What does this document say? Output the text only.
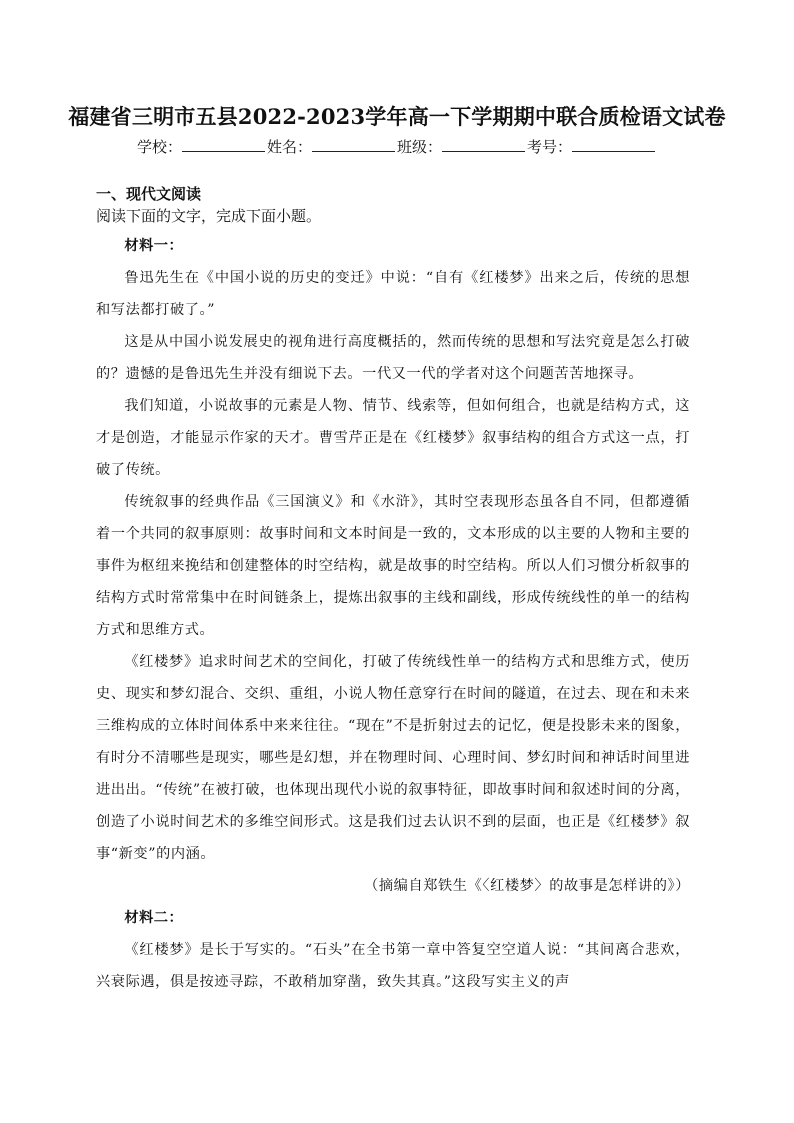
福建省三明市五县2022-2023学年高一下学期期中联合质检语文试卷
学校：	姓名：	班级：	考号：
一、现代文阅读
阅读下面的文字，完成下面小题。

材料一：

鲁迅先生在《中国小说的历史的变迁》中说：“自有《红楼梦》出来之后，传统的思想和写法都打破了。”

这是从中国小说发展史的视角进行高度概括的，然而传统的思想和写法究竟是怎么打破的？遗憾的是鲁迅先生并没有细说下去。一代又一代的学者对这个问题苦苦地探寻。

我们知道，小说故事的元素是人物、情节、线索等，但如何组合，也就是结构方式，这才是创造，才能显示作家的天才。曹雪芹正是在《红楼梦》叙事结构的组合方式这一点，打破了传统。

传统叙事的经典作品《三国演义》和《水浒》，其时空表现形态虽各自不同，但都遵循着一个共同的叙事原则：故事时间和文本时间是一致的，文本形成的以主要的人物和主要的事件为枢纽来挽结和创建整体的时空结构，就是故事的时空结构。所以人们习惯分析叙事的结构方式时常常集中在时间链条上，提炼出叙事的主线和副线，形成传统线性的单一的结构方式和思维方式。

《红楼梦》追求时间艺术的空间化，打破了传统线性单一的结构方式和思维方式，使历史、现实和梦幻混合、交织、重组，小说人物任意穿行在时间的隧道，在过去、现在和未来三维构成的立体时间体系中来来往往。“现在”不是折射过去的记忆，便是投影未来的图象，有时分不清哪些是现实，哪些是幻想，并在物理时间、心理时间、梦幻时间和神话时间里进进出出。“传统”在被打破，也体现出现代小说的叙事特征，即故事时间和叙述时间的分离，创造了小说时间艺术的多维空间形式。这是我们过去认识不到的层面，也正是《红楼梦》叙事“新变”的内涵。

（摘编自郑铁生《〈红楼梦〉的故事是怎样讲的》）

材料二：

《红楼梦》是长于写实的。“石头”在全书第一章中答复空空道人说：“其间离合悲欢，兴衰际遇，俱是按迹寻踪，不敢稍加穿凿，致失其真。”这段写实主义的声
